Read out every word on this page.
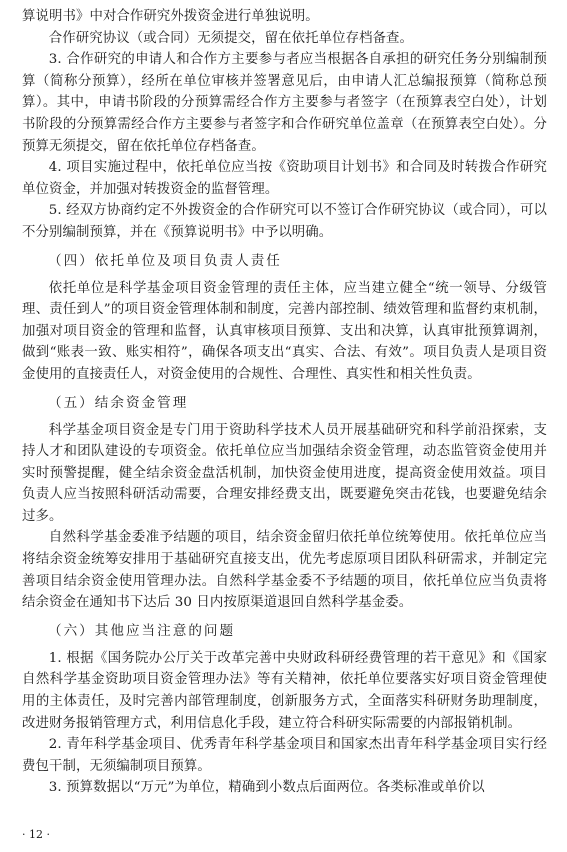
算说明书》中对合作研究外拨资金进行单独说明。

合作研究协议（或合同）无须提交，留在依托单位存档备查。

3. 合作研究的申请人和合作方主要参与者应当根据各自承担的研究任务分别编制预算（简称分预算），经所在单位审核并签署意见后，由申请人汇总编报预算（简称总预算）。其中，申请书阶段的分预算需经合作方主要参与者签字（在预算表空白处），计划书阶段的分预算需经合作方主要参与者签字和合作研究单位盖章（在预算表空白处）。分预算无须提交，留在依托单位存档备查。

4. 项目实施过程中，依托单位应当按《资助项目计划书》和合同及时转拨合作研究单位资金，并加强对转拨资金的监督管理。

5. 经双方协商约定不外拨资金的合作研究可以不签订合作研究协议（或合同），可以不分别编制预算，并在《预算说明书》中予以明确。

（四）依托单位及项目负责人责任

依托单位是科学基金项目资金管理的责任主体，应当建立健全“统一领导、分级管理、责任到人”的项目资金管理体制和制度，完善内部控制、绩效管理和监督约束机制，加强对项目资金的管理和监督，认真审核项目预算、支出和决算，认真审批预算调剂，做到“账表一致、账实相符”，确保各项支出“真实、合法、有效”。项目负责人是项目资金使用的直接责任人，对资金使用的合规性、合理性、真实性和相关性负责。

（五）结余资金管理

科学基金项目资金是专门用于资助科学技术人员开展基础研究和科学前沿探索，支持人才和团队建设的专项资金。依托单位应当加强结余资金管理，动态监管资金使用并实时预警提醒，健全结余资金盘活机制，加快资金使用进度，提高资金使用效益。项目负责人应当按照科研活动需要，合理安排经费支出，既要避免突击花钱，也要避免结余过多。

自然科学基金委准予结题的项目，结余资金留归依托单位统筹使用。依托单位应当将结余资金统筹安排用于基础研究直接支出，优先考虑原项目团队科研需求，并制定完善项目结余资金使用管理办法。自然科学基金委不予结题的项目，依托单位应当负责将结余资金在通知书下达后 30 日内按原渠道退回自然科学基金委。

（六）其他应当注意的问题

1. 根据《国务院办公厅关于改革完善中央财政科研经费管理的若干意见》和《国家自然科学基金资助项目资金管理办法》等有关精神，依托单位要落实好项目资金管理使用的主体责任，及时完善内部管理制度，创新服务方式，全面落实科研财务助理制度，改进财务报销管理方式，利用信息化手段，建立符合科研实际需要的内部报销机制。

2. 青年科学基金项目、优秀青年科学基金项目和国家杰出青年科学基金项目实行经费包干制，无须编制项目预算。

3. 预算数据以“万元”为单位，精确到小数点后面两位。各类标准或单价以

· 12 ·
